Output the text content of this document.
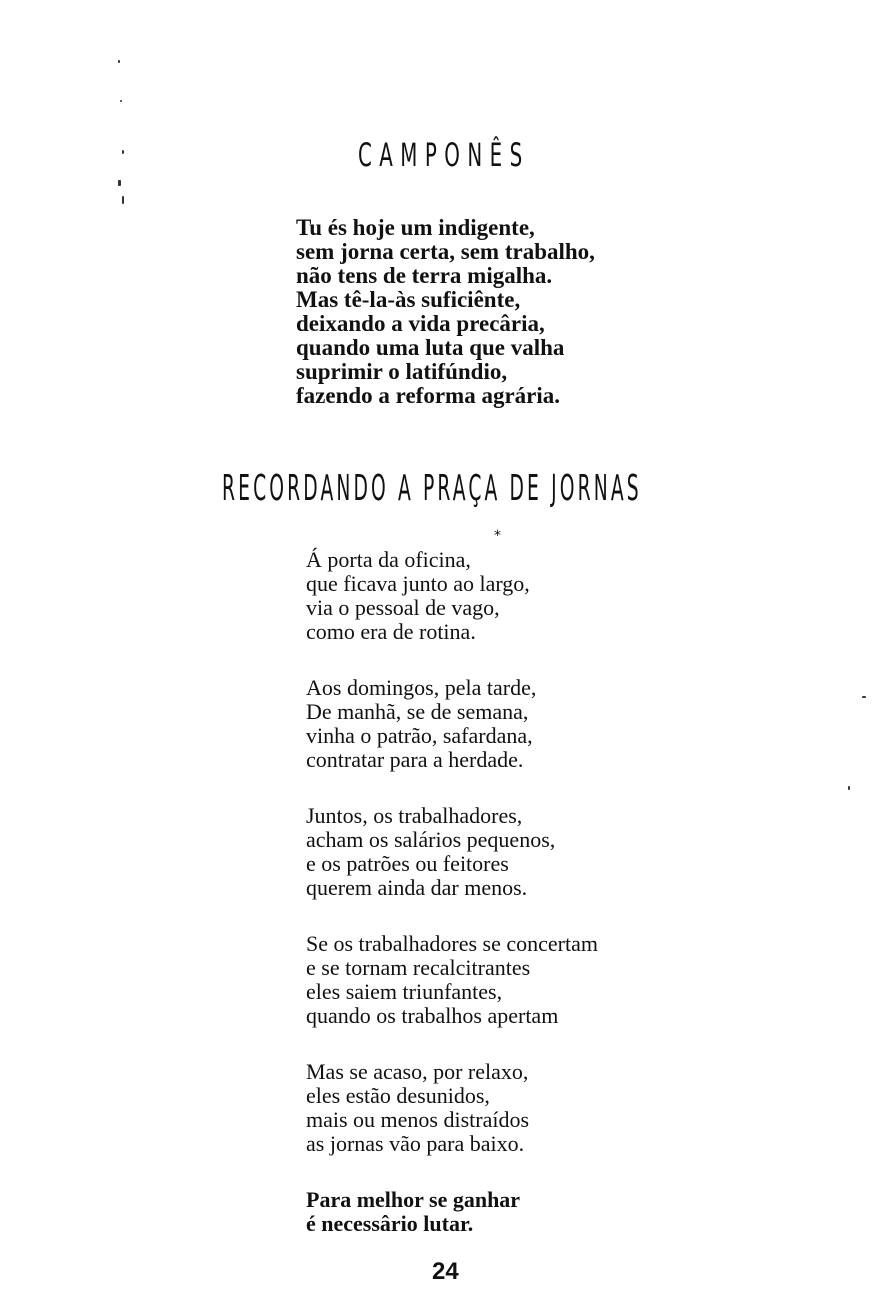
CAMPONÊS
Tu és hoje um indigente,
sem jorna certa, sem trabalho,
não tens de terra migalha.
Mas tê-la-às suficiênte,
deixando a vida precâria,
quando uma luta que valha
suprimir o latifúndio,
fazendo a reforma agrária.
RECORDANDO A PRAÇA DE JORNAS
*
Á porta da oficina,
que ficava junto ao largo,
via o pessoal de vago,
como era de rotina.
Aos domingos, pela tarde,
De manhã, se de semana,
vinha o patrão, safardana,
contratar para a herdade.
Juntos, os trabalhadores,
acham os salários pequenos,
e os patrões ou feitores
querem ainda dar menos.
Se os trabalhadores se concertam
e se tornam recalcitrantes
eles saiem triunfantes,
quando os trabalhos apertam
Mas se acaso, por relaxo,
eles estão desunidos,
mais ou menos distraídos
as jornas vão para baixo.
Para melhor se ganhar
é necessârio lutar.
24
